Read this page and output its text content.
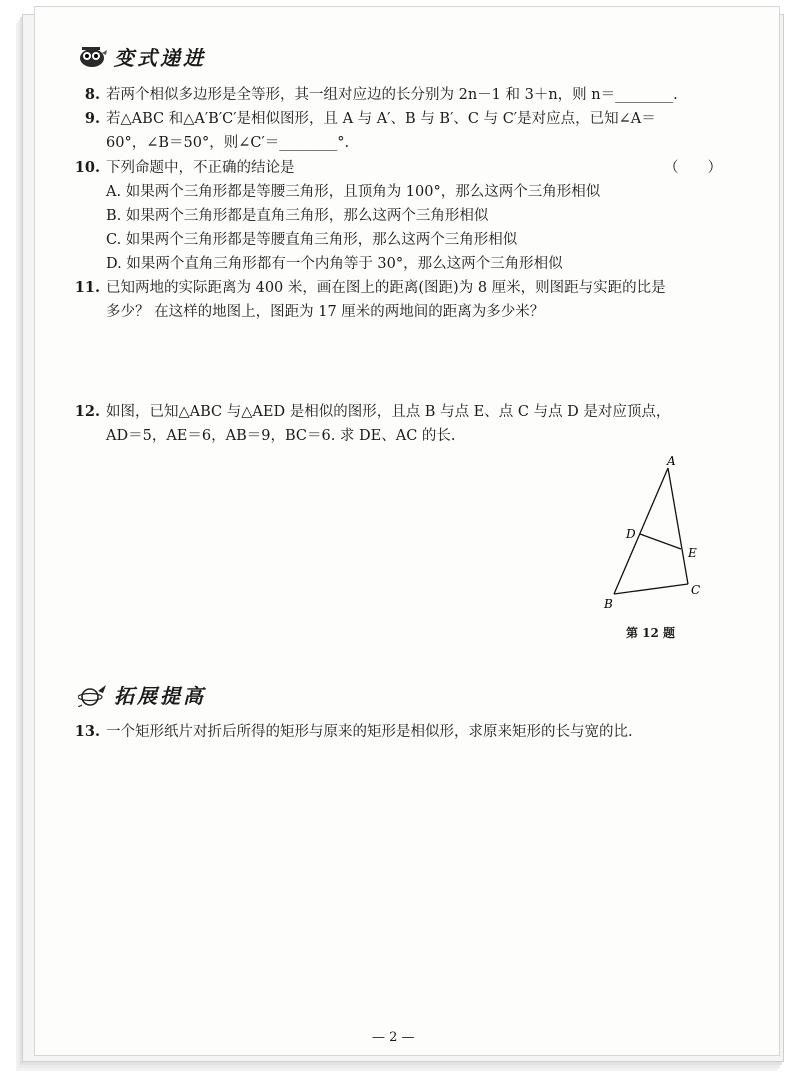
变式递进
8. 若两个相似多边形是全等形，其一组对应边的长分别为 2n－1 和 3＋n，则 n＝________.
9. 若△ABC 和△A′B′C′是相似图形，且 A 与 A′、B 与 B′、C 与 C′是对应点，已知∠A＝
60°，∠B＝50°，则∠C′＝________°.
10. 下列命题中，不正确的结论是	（　　）
A. 如果两个三角形都是等腰三角形，且顶角为 100°，那么这两个三角形相似
B. 如果两个三角形都是直角三角形，那么这两个三角形相似
C. 如果两个三角形都是等腰直角三角形，那么这两个三角形相似
D. 如果两个直角三角形都有一个内角等于 30°，那么这两个三角形相似
11. 已知两地的实际距离为 400 米，画在图上的距离(图距)为 8 厘米，则图距与实距的比是
多少？ 在这样的地图上，图距为 17 厘米的两地间的距离为多少米？
12. 如图，已知△ABC 与△AED 是相似的图形，且点 B 与点 E、点 C 与点 D 是对应顶点，
AD＝5，AE＝6，AB＝9，BC＝6. 求 DE、AC 的长.
A
D
E
B
C
第 12 题
拓展提高
13. 一个矩形纸片对折后所得的矩形与原来的矩形是相似形，求原来矩形的长与宽的比.
— 2 —
